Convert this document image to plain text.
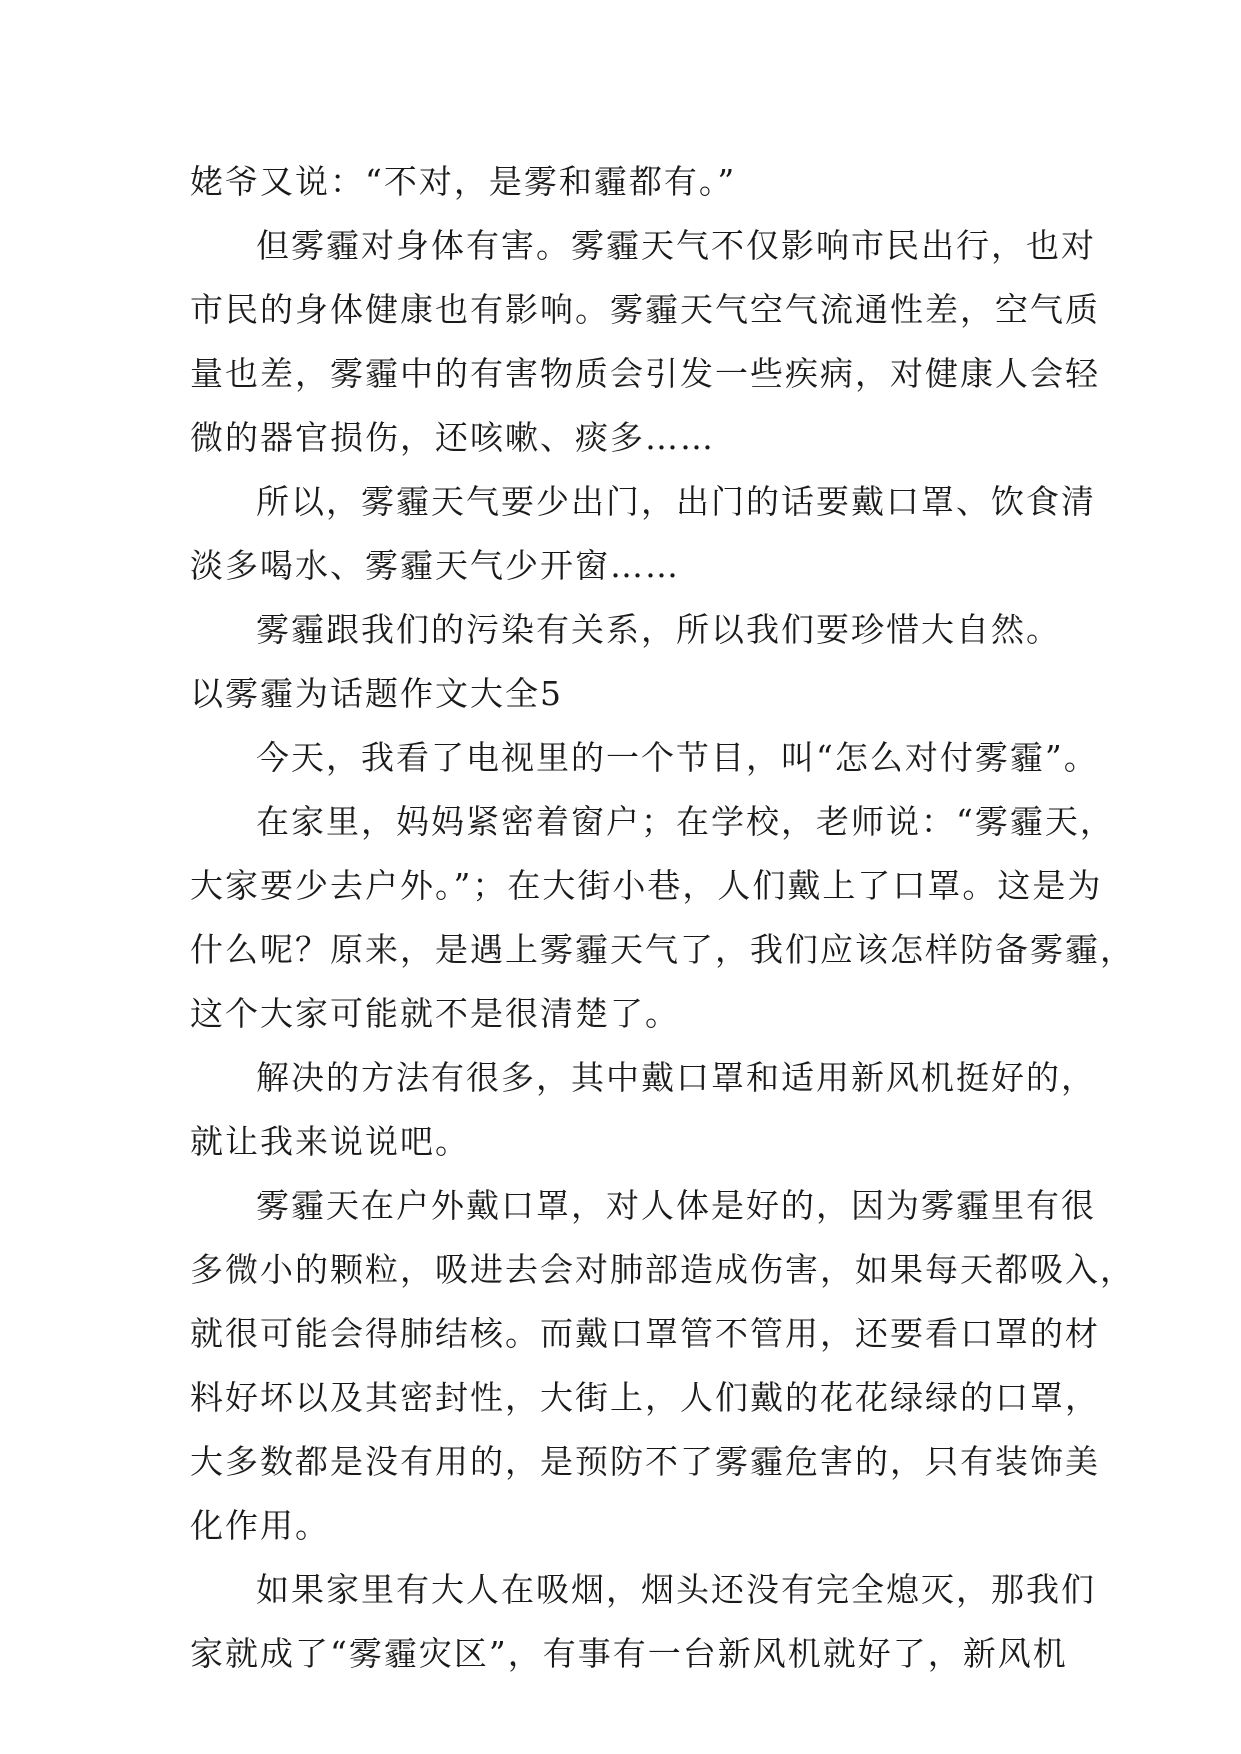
姥爷又说：“不对，是雾和霾都有。”
但雾霾对身体有害。雾霾天气不仅影响市民出行，也对
市民的身体健康也有影响。雾霾天气空气流通性差，空气质
量也差，雾霾中的有害物质会引发一些疾病，对健康人会轻
微的器官损伤，还咳嗽、痰多……
所以，雾霾天气要少出门，出门的话要戴口罩、饮食清
淡多喝水、雾霾天气少开窗……
雾霾跟我们的污染有关系，所以我们要珍惜大自然。
以雾霾为话题作文大全5
今天，我看了电视里的一个节目，叫“怎么对付雾霾”。
在家里，妈妈紧密着窗户；在学校，老师说：“雾霾天，
大家要少去户外。”；在大街小巷，人们戴上了口罩。这是为
什么呢？原来，是遇上雾霾天气了，我们应该怎样防备雾霾，
这个大家可能就不是很清楚了。
解决的方法有很多，其中戴口罩和适用新风机挺好的，
就让我来说说吧。
雾霾天在户外戴口罩，对人体是好的，因为雾霾里有很
多微小的颗粒，吸进去会对肺部造成伤害，如果每天都吸入，
就很可能会得肺结核。而戴口罩管不管用，还要看口罩的材
料好坏以及其密封性，大街上，人们戴的花花绿绿的口罩，
大多数都是没有用的，是预防不了雾霾危害的，只有装饰美
化作用。
如果家里有大人在吸烟，烟头还没有完全熄灭，那我们
家就成了“雾霾灾区”，有事有一台新风机就好了，新风机
